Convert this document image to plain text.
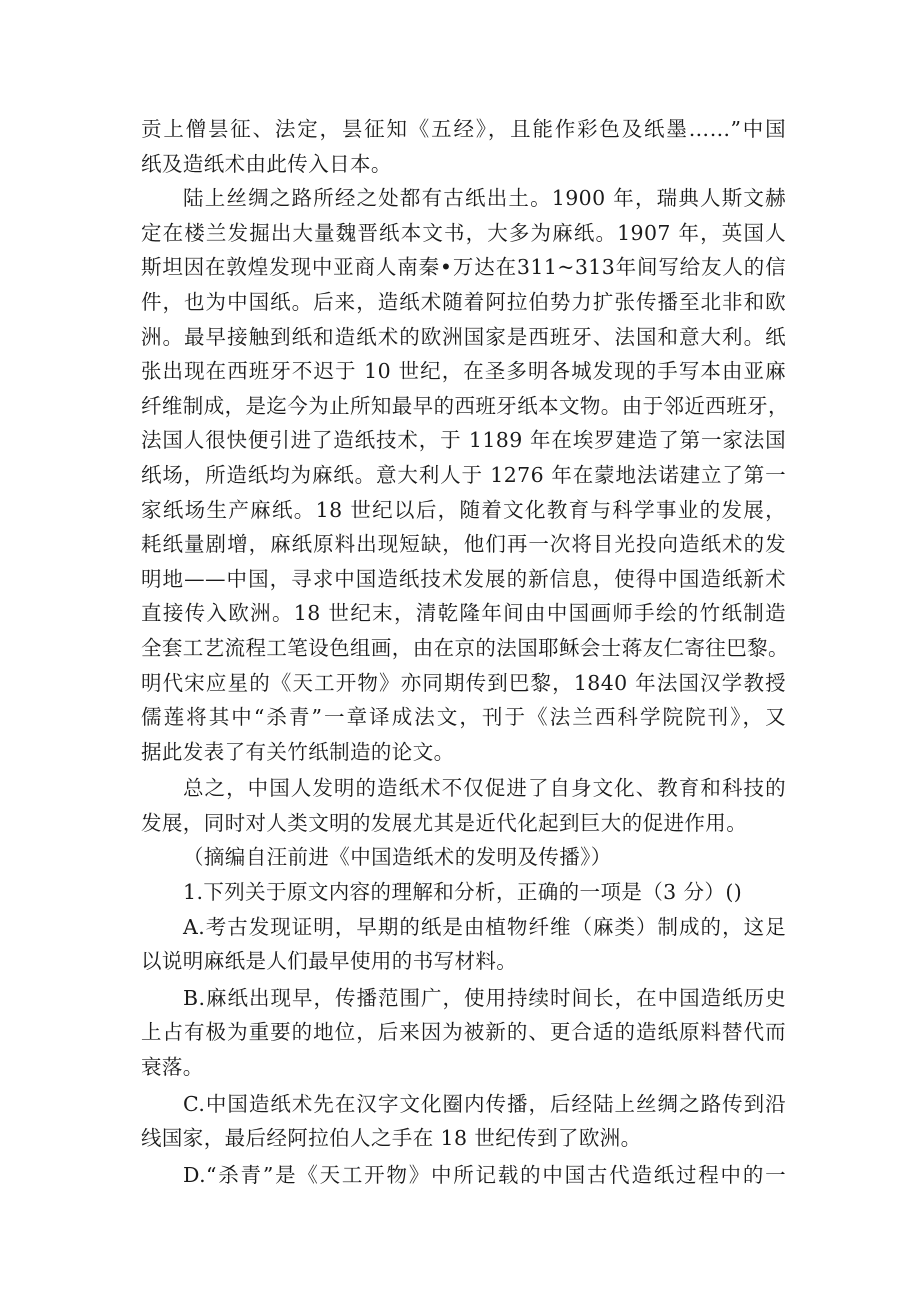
贡上僧昙征、法定，昙征知《五经》，且能作彩色及纸墨……”中国
纸及造纸术由此传入日本。
陆上丝绸之路所经之处都有古纸出土。1900 年，瑞典人斯文赫
定在楼兰发掘出大量魏晋纸本文书，大多为麻纸。1907 年，英国人
斯坦因在敦煌发现中亚商人南秦•万达在311~313年间写给友人的信
件，也为中国纸。后来，造纸术随着阿拉伯势力扩张传播至北非和欧
洲。最早接触到纸和造纸术的欧洲国家是西班牙、法国和意大利。纸
张出现在西班牙不迟于 10 世纪，在圣多明各城发现的手写本由亚麻
纤维制成，是迄今为止所知最早的西班牙纸本文物。由于邻近西班牙，
法国人很快便引进了造纸技术，于 1189 年在埃罗建造了第一家法国
纸场，所造纸均为麻纸。意大利人于 1276 年在蒙地法诺建立了第一
家纸场生产麻纸。18 世纪以后，随着文化教育与科学事业的发展，
耗纸量剧增，麻纸原料出现短缺，他们再一次将目光投向造纸术的发
明地——中国，寻求中国造纸技术发展的新信息，使得中国造纸新术
直接传入欧洲。18 世纪末，清乾隆年间由中国画师手绘的竹纸制造
全套工艺流程工笔设色组画，由在京的法国耶稣会士蒋友仁寄往巴黎。
明代宋应星的《天工开物》亦同期传到巴黎，1840 年法国汉学教授
儒莲将其中“杀青”一章译成法文，刊于《法兰西科学院院刊》，又
据此发表了有关竹纸制造的论文。
总之，中国人发明的造纸术不仅促进了自身文化、教育和科技的
发展，同时对人类文明的发展尤其是近代化起到巨大的促进作用。
（摘编自汪前进《中国造纸术的发明及传播》）
1.下列关于原文内容的理解和分析，正确的一项是（3 分）()
A.考古发现证明，早期的纸是由植物纤维（麻类）制成的，这足
以说明麻纸是人们最早使用的书写材料。
B.麻纸出现早，传播范围广，使用持续时间长，在中国造纸历史
上占有极为重要的地位，后来因为被新的、更合适的造纸原料替代而
衰落。
C.中国造纸术先在汉字文化圈内传播，后经陆上丝绸之路传到沿
线国家，最后经阿拉伯人之手在 18 世纪传到了欧洲。
D.“杀青”是《天工开物》中所记载的中国古代造纸过程中的一
